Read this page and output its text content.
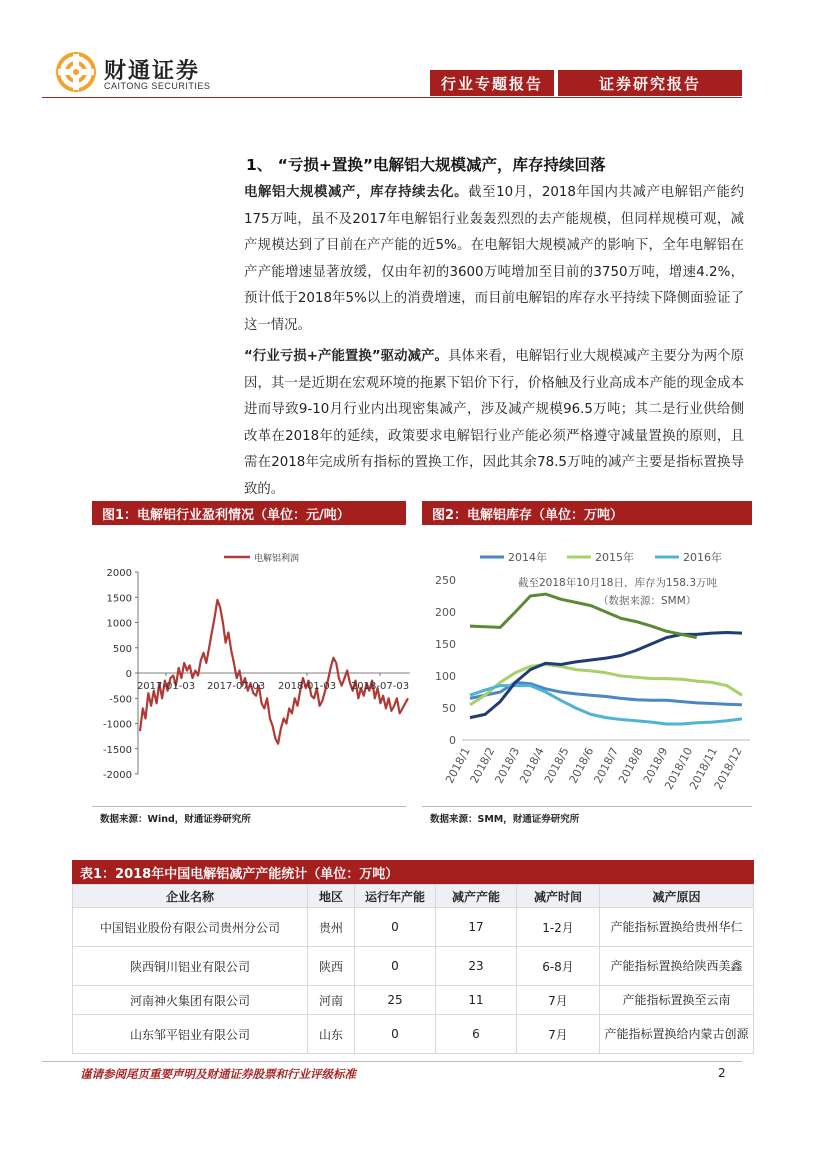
财通证券
CAITONG SECURITIES	行业专题报告	证券研究报告
1、 “亏损+置换”电解铝大规模减产，库存持续回落
电解铝大规模减产，库存持续去化。截至10月，2018年国内共减产电解铝产能约175万吨，虽不及2017年电解铝行业轰轰烈烈的去产能规模，但同样规模可观，减产规模达到了目前在产产能的近5%。在电解铝大规模减产的影响下，全年电解铝在产产能增速显著放缓，仅由年初的3600万吨增加至目前的3750万吨，增速4.2%，预计低于2018年5%以上的消费增速，而目前电解铝的库存水平持续下降侧面验证了这一情况。
“行业亏损+产能置换”驱动减产。具体来看，电解铝行业大规模减产主要分为两个原因，其一是近期在宏观环境的拖累下铝价下行，价格触及行业高成本产能的现金成本进而导致9-10月行业内出现密集减产，涉及减产规模96.5万吨；其二是行业供给侧改革在2018年的延续，政策要求电解铝行业产能必须严格遵守减量置换的原则，且需在2018年完成所有指标的置换工作，因此其余78.5万吨的减产主要是指标置换导致的。
图1：电解铝行业盈利情况（单位：元/吨）
电解铝利润
2000
1500
1000
500
0
-500
-1000
-1500
-2000
2017-01-03 2017-07-03 2018-01-03 2018-07-03
数据来源：Wind，财通证券研究所
图2：电解铝库存（单位：万吨）
2014年	2015年	2016年
0
50
100
150
200
250
2018/1
2018/2
2018/3
2018/4
2018/5
2018/6
2018/7
2018/8
2018/9
2018/10
2018/11
2018/12
截至2018年10月18日，库存为158.3万吨
（数据来源：SMM）
数据来源：SMM，财通证券研究所
表1：2018年中国电解铝减产产能统计（单位：万吨）
企业名称	地区	运行年产能	减产产能	减产时间	减产原因
中国铝业股份有限公司贵州分公司	贵州	0	17	1-2月	产能指标置换给贵州华仁
陕西铜川铝业有限公司	陕西	0	23	6-8月	产能指标置换给陕西美鑫
河南神火集团有限公司	河南	25	11	7月	产能指标置换至云南
山东邹平铝业有限公司	山东	0	6	7月	产能指标置换给内蒙古创源
谨请参阅尾页重要声明及财通证券股票和行业评级标准	2
